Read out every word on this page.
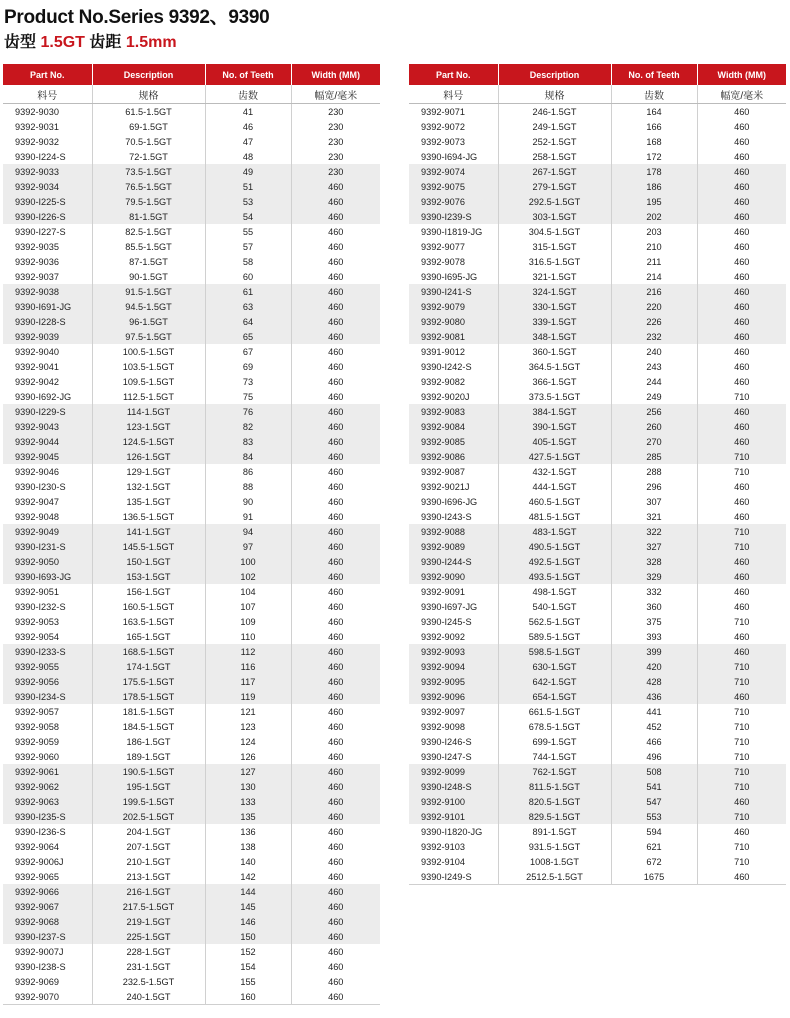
Product No.Series 9392、9390
齿型 1.5GT 齿距 1.5mm
Part No.	Description	No. of Teeth	Width (MM)
料号	规格	齿数	幅宽/毫米
9392-9030	61.5-1.5GT	41	230
9392-9031	69-1.5GT	46	230
9392-9032	70.5-1.5GT	47	230
9390-I224-S	72-1.5GT	48	230
9392-9033	73.5-1.5GT	49	230
9392-9034	76.5-1.5GT	51	460
9390-I225-S	79.5-1.5GT	53	460
9390-I226-S	81-1.5GT	54	460
9390-I227-S	82.5-1.5GT	55	460
9392-9035	85.5-1.5GT	57	460
9392-9036	87-1.5GT	58	460
9392-9037	90-1.5GT	60	460
9392-9038	91.5-1.5GT	61	460
9390-I691-JG	94.5-1.5GT	63	460
9390-I228-S	96-1.5GT	64	460
9392-9039	97.5-1.5GT	65	460
9392-9040	100.5-1.5GT	67	460
9392-9041	103.5-1.5GT	69	460
9392-9042	109.5-1.5GT	73	460
9390-I692-JG	112.5-1.5GT	75	460
9390-I229-S	114-1.5GT	76	460
9392-9043	123-1.5GT	82	460
9392-9044	124.5-1.5GT	83	460
9392-9045	126-1.5GT	84	460
9392-9046	129-1.5GT	86	460
9390-I230-S	132-1.5GT	88	460
9392-9047	135-1.5GT	90	460
9392-9048	136.5-1.5GT	91	460
9392-9049	141-1.5GT	94	460
9390-I231-S	145.5-1.5GT	97	460
9392-9050	150-1.5GT	100	460
9390-I693-JG	153-1.5GT	102	460
9392-9051	156-1.5GT	104	460
9390-I232-S	160.5-1.5GT	107	460
9392-9053	163.5-1.5GT	109	460
9392-9054	165-1.5GT	110	460
9390-I233-S	168.5-1.5GT	112	460
9392-9055	174-1.5GT	116	460
9392-9056	175.5-1.5GT	117	460
9390-I234-S	178.5-1.5GT	119	460
9392-9057	181.5-1.5GT	121	460
9392-9058	184.5-1.5GT	123	460
9392-9059	186-1.5GT	124	460
9392-9060	189-1.5GT	126	460
9392-9061	190.5-1.5GT	127	460
9392-9062	195-1.5GT	130	460
9392-9063	199.5-1.5GT	133	460
9390-I235-S	202.5-1.5GT	135	460
9390-I236-S	204-1.5GT	136	460
9392-9064	207-1.5GT	138	460
9392-9006J	210-1.5GT	140	460
9392-9065	213-1.5GT	142	460
9392-9066	216-1.5GT	144	460
9392-9067	217.5-1.5GT	145	460
9392-9068	219-1.5GT	146	460
9390-I237-S	225-1.5GT	150	460
9392-9007J	228-1.5GT	152	460
9390-I238-S	231-1.5GT	154	460
9392-9069	232.5-1.5GT	155	460
9392-9070	240-1.5GT	160	460
Part No.	Description	No. of Teeth	Width (MM)
料号	规格	齿数	幅宽/毫米
9392-9071	246-1.5GT	164	460
9392-9072	249-1.5GT	166	460
9392-9073	252-1.5GT	168	460
9390-I694-JG	258-1.5GT	172	460
9392-9074	267-1.5GT	178	460
9392-9075	279-1.5GT	186	460
9392-9076	292.5-1.5GT	195	460
9390-I239-S	303-1.5GT	202	460
9390-I1819-JG	304.5-1.5GT	203	460
9392-9077	315-1.5GT	210	460
9392-9078	316.5-1.5GT	211	460
9390-I695-JG	321-1.5GT	214	460
9390-I241-S	324-1.5GT	216	460
9392-9079	330-1.5GT	220	460
9392-9080	339-1.5GT	226	460
9392-9081	348-1.5GT	232	460
9391-9012	360-1.5GT	240	460
9390-I242-S	364.5-1.5GT	243	460
9392-9082	366-1.5GT	244	460
9392-9020J	373.5-1.5GT	249	710
9392-9083	384-1.5GT	256	460
9392-9084	390-1.5GT	260	460
9392-9085	405-1.5GT	270	460
9392-9086	427.5-1.5GT	285	710
9392-9087	432-1.5GT	288	710
9392-9021J	444-1.5GT	296	460
9390-I696-JG	460.5-1.5GT	307	460
9390-I243-S	481.5-1.5GT	321	460
9392-9088	483-1.5GT	322	710
9392-9089	490.5-1.5GT	327	710
9390-I244-S	492.5-1.5GT	328	460
9392-9090	493.5-1.5GT	329	460
9392-9091	498-1.5GT	332	460
9390-I697-JG	540-1.5GT	360	460
9390-I245-S	562.5-1.5GT	375	710
9392-9092	589.5-1.5GT	393	460
9392-9093	598.5-1.5GT	399	460
9392-9094	630-1.5GT	420	710
9392-9095	642-1.5GT	428	710
9392-9096	654-1.5GT	436	460
9392-9097	661.5-1.5GT	441	710
9392-9098	678.5-1.5GT	452	710
9390-I246-S	699-1.5GT	466	710
9390-I247-S	744-1.5GT	496	710
9392-9099	762-1.5GT	508	710
9390-I248-S	811.5-1.5GT	541	710
9392-9100	820.5-1.5GT	547	460
9392-9101	829.5-1.5GT	553	710
9390-I1820-JG	891-1.5GT	594	460
9392-9103	931.5-1.5GT	621	710
9392-9104	1008-1.5GT	672	710
9390-I249-S	2512.5-1.5GT	1675	460
